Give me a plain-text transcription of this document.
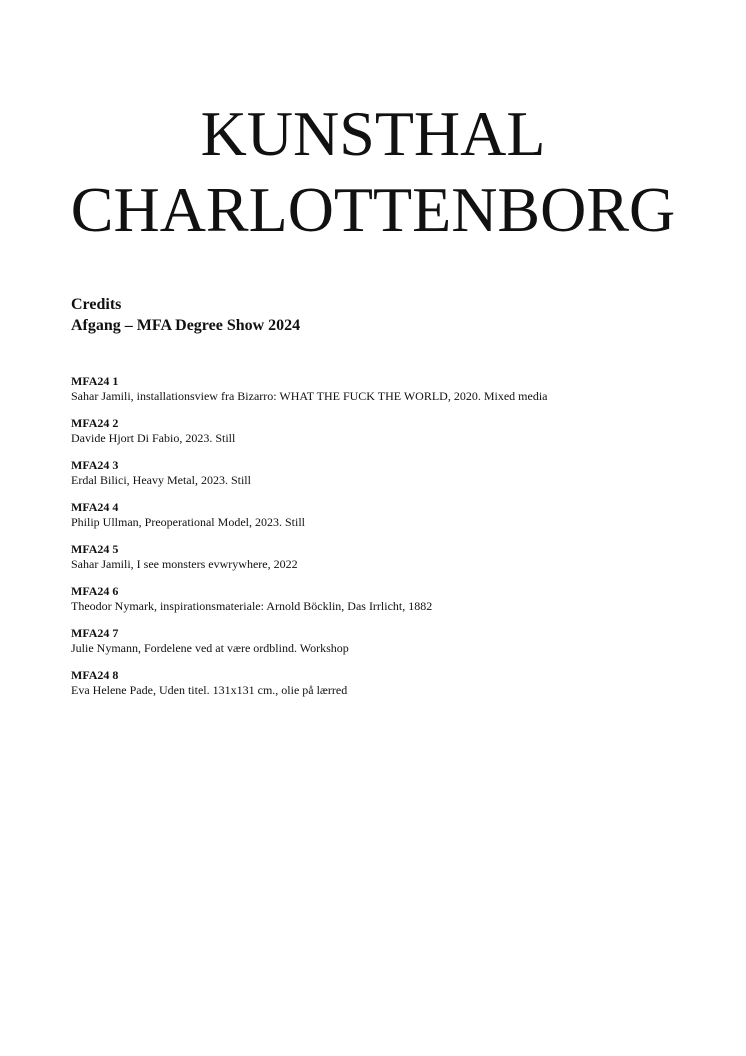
KUNSTHAL
CHARLOTTENBORG
Credits
Afgang – MFA Degree Show 2024
MFA24 1
Sahar Jamili, installationsview fra Bizarro: WHAT THE FUCK THE WORLD, 2020. Mixed media
MFA24 2
Davide Hjort Di Fabio, 2023. Still
MFA24 3
Erdal Bilici, Heavy Metal, 2023. Still
MFA24 4
Philip Ullman, Preoperational Model, 2023. Still
MFA24 5
Sahar Jamili, I see monsters evwrywhere, 2022
MFA24 6
Theodor Nymark, inspirationsmateriale: Arnold Böcklin, Das Irrlicht, 1882
MFA24 7
Julie Nymann, Fordelene ved at være ordblind. Workshop
MFA24 8
Eva Helene Pade, Uden titel. 131x131 cm., olie på lærred
